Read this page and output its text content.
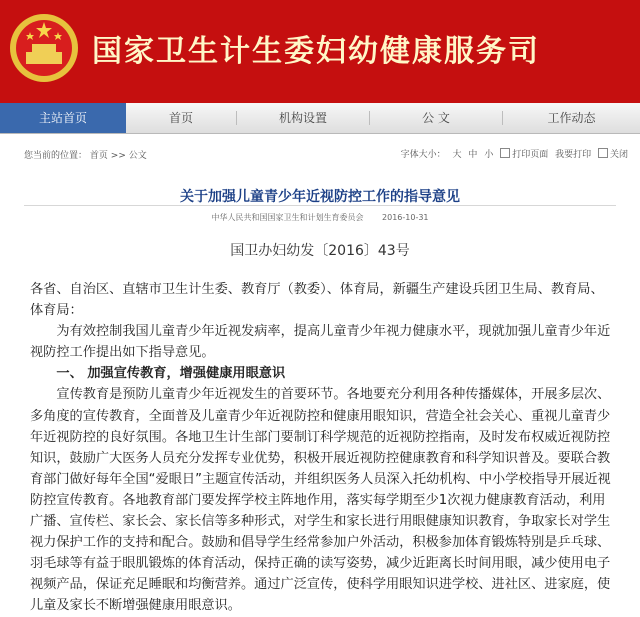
国家卫生计生委妇幼健康服务司
主站首页	首页	机构设置	公 文	工作动态
您当前的位置： 首页 >> 公文	字体大小： 大 中 小 打印页面 我要打印 关闭
关于加强儿童青少年近视防控工作的指导意见
中华人民共和国国家卫生和计划生育委员会 2016-10-31
国卫办妇幼发〔2016〕43号

各省、自治区、直辖市卫生计生委、教育厅（教委）、体育局，新疆生产建设兵团卫生局、教育局、体育局：

为有效控制我国儿童青少年近视发病率，提高儿童青少年视力健康水平，现就加强儿童青少年近视防控工作提出如下指导意见。

一、 加强宣传教育，增强健康用眼意识

宣传教育是预防儿童青少年近视发生的首要环节。各地要充分利用各种传播媒体，开展多层次、多角度的宣传教育，全面普及儿童青少年近视防控和健康用眼知识，营造全社会关心、重视儿童青少年近视防控的良好氛围。各地卫生计生部门要制订科学规范的近视防控指南，及时发布权威近视防控知识，鼓励广大医务人员充分发挥专业优势，积极开展近视防控健康教育和科学知识普及。要联合教育部门做好每年全国“爱眼日”主题宣传活动，并组织医务人员深入托幼机构、中小学校指导开展近视防控宣传教育。各地教育部门要发挥学校主阵地作用，落实每学期至少1次视力健康教育活动，利用广播、宣传栏、家长会、家长信等多种形式，对学生和家长进行用眼健康知识教育，争取家长对学生视力保护工作的支持和配合。鼓励和倡导学生经常参加户外活动，积极参加体育锻炼特别是乒乓球、羽毛球等有益于眼肌锻炼的体育活动，保持正确的读写姿势，减少近距离长时间用眼，减少使用电子视频产品，保证充足睡眠和均衡营养。通过广泛宣传，使科学用眼知识进学校、进社区、进家庭，使儿童及家长不断增强健康用眼意识。
